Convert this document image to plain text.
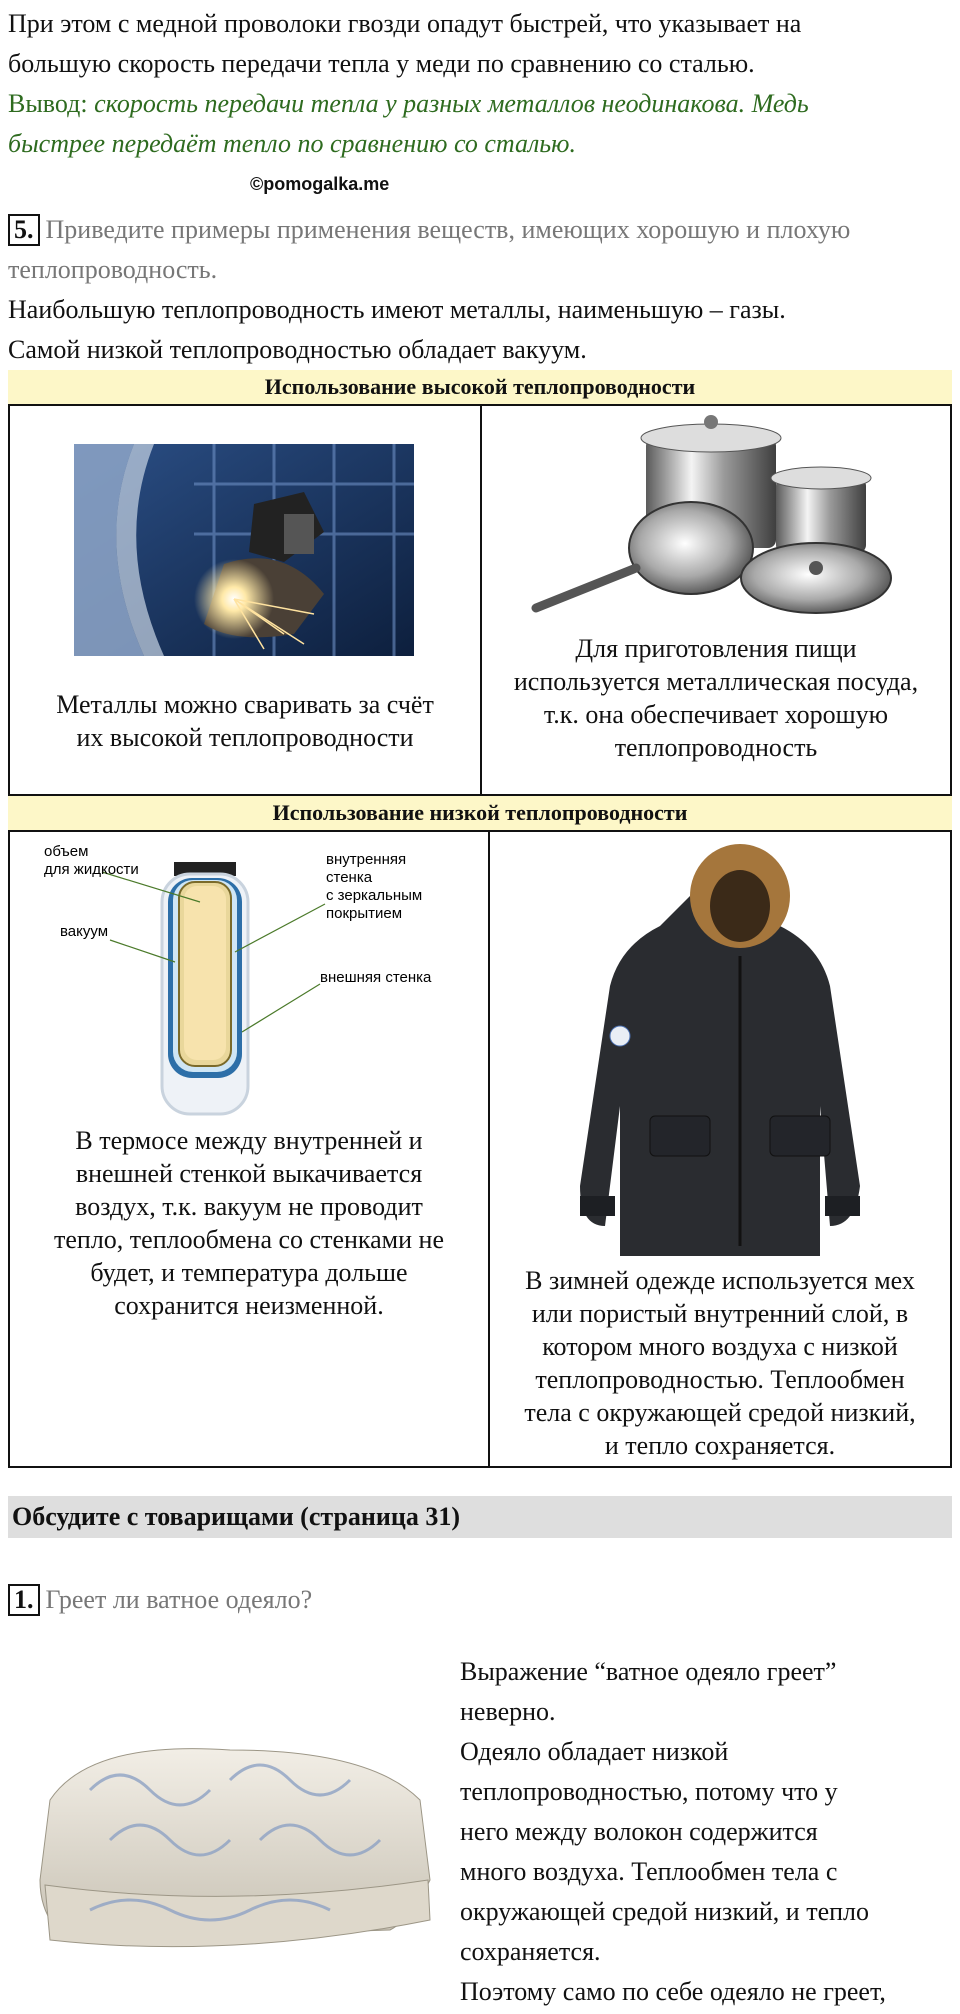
При этом с медной проволоки гвозди опадут быстрей, что указывает на

большую скорость передачи тепла у меди по сравнению со сталью.

Вывод: скорость передачи тепла у разных металлов неодинакова. Медь

быстрее передаёт тепло по сравнению со сталью.

©pomogalka.me

5. Приведите примеры применения веществ, имеющих хорошую и плохую

теплопроводность.

Наибольшую теплопроводность имеют металлы, наименьшую – газы.

Самой низкой теплопроводностью обладает вакуум.

Использование высокой теплопроводности
Металлы можно сваривать за счёт
их высокой теплопроводности
Для приготовления пищи
используется металлическая посуда,
т.к. она обеспечивает хорошую
теплопроводность
Использование низкой теплопроводности
объем
для жидкости
вакуум
внутренняя
стенка
с зеркальным
покрытием
внешняя стенка
В термосе между внутренней и
внешней стенкой выкачивается
воздух, т.к. вакуум не проводит
тепло, теплообмена со стенками не
будет, и температура дольше
сохранится неизменной.
В зимней одежде используется мех
или пористый внутренний слой, в
котором много воздуха с низкой
теплопроводностью. Теплообмен
тела с окружающей средой низкий,
и тепло сохраняется.
Обсудите с товарищами (страница 31)

1. Греет ли ватное одеяло?

Выражение “ватное одеяло греет”
неверно.
Одеяло обладает низкой
теплопроводностью, потому что у
него между волокон содержится
много воздуха. Теплообмен тела с
окружающей средой низкий, и тепло
сохраняется.
Поэтому само по себе одеяло не греет,
